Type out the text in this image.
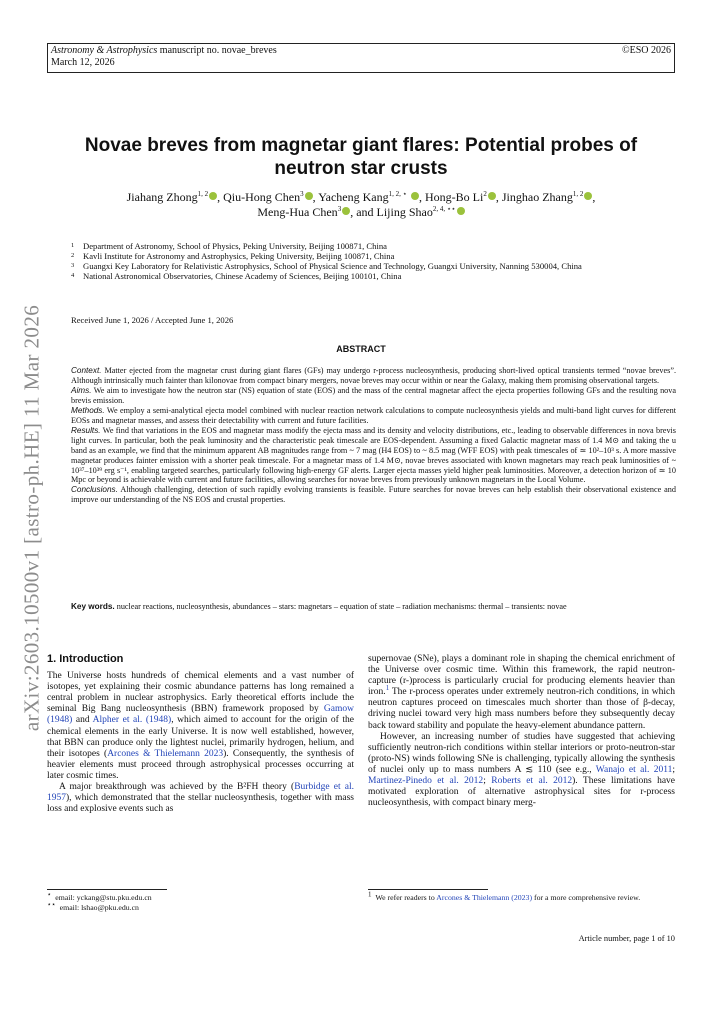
Astronomy & Astrophysics manuscript no. novae_breves	©ESO 2026
March 12, 2026
arXiv:2603.10500v1 [astro-ph.HE] 11 Mar 2026
Novae breves from magnetar giant flares: Potential probes of neutron star crusts
Jiahang Zhong$^{1, 2}$ , Qiu-Hong Chen$^3$ , Yacheng Kang$^{1, 2, ⋆}$ , Hong-Bo Li$^2$ , Jinghao Zhang$^{1, 2}$ ,
Meng-Hua Chen$^3$ , and Lijing Shao$^{2, 4, ⋆⋆}$
1	Department of Astronomy, School of Physics, Peking University, Beijing 100871, China
2	Kavli Institute for Astronomy and Astrophysics, Peking University, Beijing 100871, China
3	Guangxi Key Laboratory for Relativistic Astrophysics, School of Physical Science and Technology, Guangxi University, Nanning 530004, China
4	National Astronomical Observatories, Chinese Academy of Sciences, Beijing 100101, China
Received June 1, 2026 / Accepted June 1, 2026
ABSTRACT

Context. Matter ejected from the magnetar crust during giant flares (GFs) may undergo r-process nucleosynthesis, producing short-lived optical transients termed “novae breves”. Although intrinsically much fainter than kilonovae from compact binary mergers, novae breves may occur within or near the Galaxy, making them promising observational targets.

Aims. We aim to investigate how the neutron star (NS) equation of state (EOS) and the mass of the central magnetar affect the ejecta properties following GFs and the resulting nova brevis emission.

Methods. We employ a semi-analytical ejecta model combined with nuclear reaction network calculations to compute nucleosynthesis yields and multi-band light curves for different EOSs and magnetar masses, and assess their detectability with current and future facilities.

Results. We find that variations in the EOS and magnetar mass modify the ejecta mass and its density and velocity distributions, etc., leading to observable differences in nova brevis light curves. In particular, both the peak luminosity and the characteristic peak timescale are EOS-dependent. Assuming a fixed Galactic magnetar mass of 1.4 M⊙ and taking the u band as an example, we find that the minimum apparent AB magnitudes range from ~ 7 mag (H4 EOS) to ~ 8.5 mag (WFF EOS) with peak timescales of ≃ 10²–10³ s. A more massive magnetar produces fainter emission with a shorter peak timescale. For a magnetar mass of 1.4 M⊙, novae breves associated with known magnetars may reach peak luminosities of ~ 10³⁷–10³⁹ erg s⁻¹, enabling targeted searches, particularly following high-energy GF alerts. Larger ejecta masses yield higher peak luminosities. Moreover, a detection horizon of ≃ 10 Mpc or beyond is achievable with current and future facilities, allowing searches for novae breves from previously unknown magnetars in the Local Volume.

Conclusions. Although challenging, detection of such rapidly evolving transients is feasible. Future searches for novae breves can help establish their observational existence and improve our understanding of the NS EOS and crustal properties.

Key words. nuclear reactions, nucleosynthesis, abundances – stars: magnetars – equation of state – radiation mechanisms: thermal – transients: novae
1. Introduction

The Universe hosts hundreds of chemical elements and a vast number of isotopes, yet explaining their cosmic abundance patterns has long remained a central problem in nuclear astrophysics. Early theoretical efforts include the seminal Big Bang nucleosynthesis (BBN) framework proposed by Gamow (1948) and Alpher et al. (1948), which aimed to account for the origin of the chemical elements in the early Universe. It is now well established, however, that BBN can produce only the lightest nuclei, primarily hydrogen, helium, and their isotopes (Arcones & Thielemann 2023). Consequently, the synthesis of heavier elements must proceed through astrophysical processes occurring at later cosmic times.

A major breakthrough was achieved by the B²FH theory (Burbidge et al. 1957), which demonstrated that the stellar nucleosynthesis, together with mass loss and explosive events such as

supernovae (SNe), plays a dominant role in shaping the chemical enrichment of the Universe over cosmic time. Within this framework, the rapid neutron-capture (r-)process is particularly crucial for producing elements heavier than iron.$^1$ The r-process operates under extremely neutron-rich conditions, in which neutron captures proceed on timescales much shorter than those of β-decay, driving nuclei toward very high mass numbers before they subsequently decay back toward stability and populate the heavy-element abundance pattern.

However, an increasing number of studies have suggested that achieving sufficiently neutron-rich conditions within stellar interiors or proto-neutron-star (proto-NS) winds following SNe is challenging, typically allowing the synthesis of nuclei only up to mass numbers A ≲ 110 (see e.g., Wanajo et al. 2011; Martinez-Pinedo et al. 2012; Roberts et al. 2012). These limitations have motivated exploration of alternative astrophysical sites for r-process nucleosynthesis, with compact binary merg-

⋆ email: yckang@stu.pku.edu.cn
⋆⋆ email: lshao@pku.edu.cn
$^1$ We refer readers to Arcones & Thielemann (2023) for a more comprehensive review.
Article number, page 1 of 10
